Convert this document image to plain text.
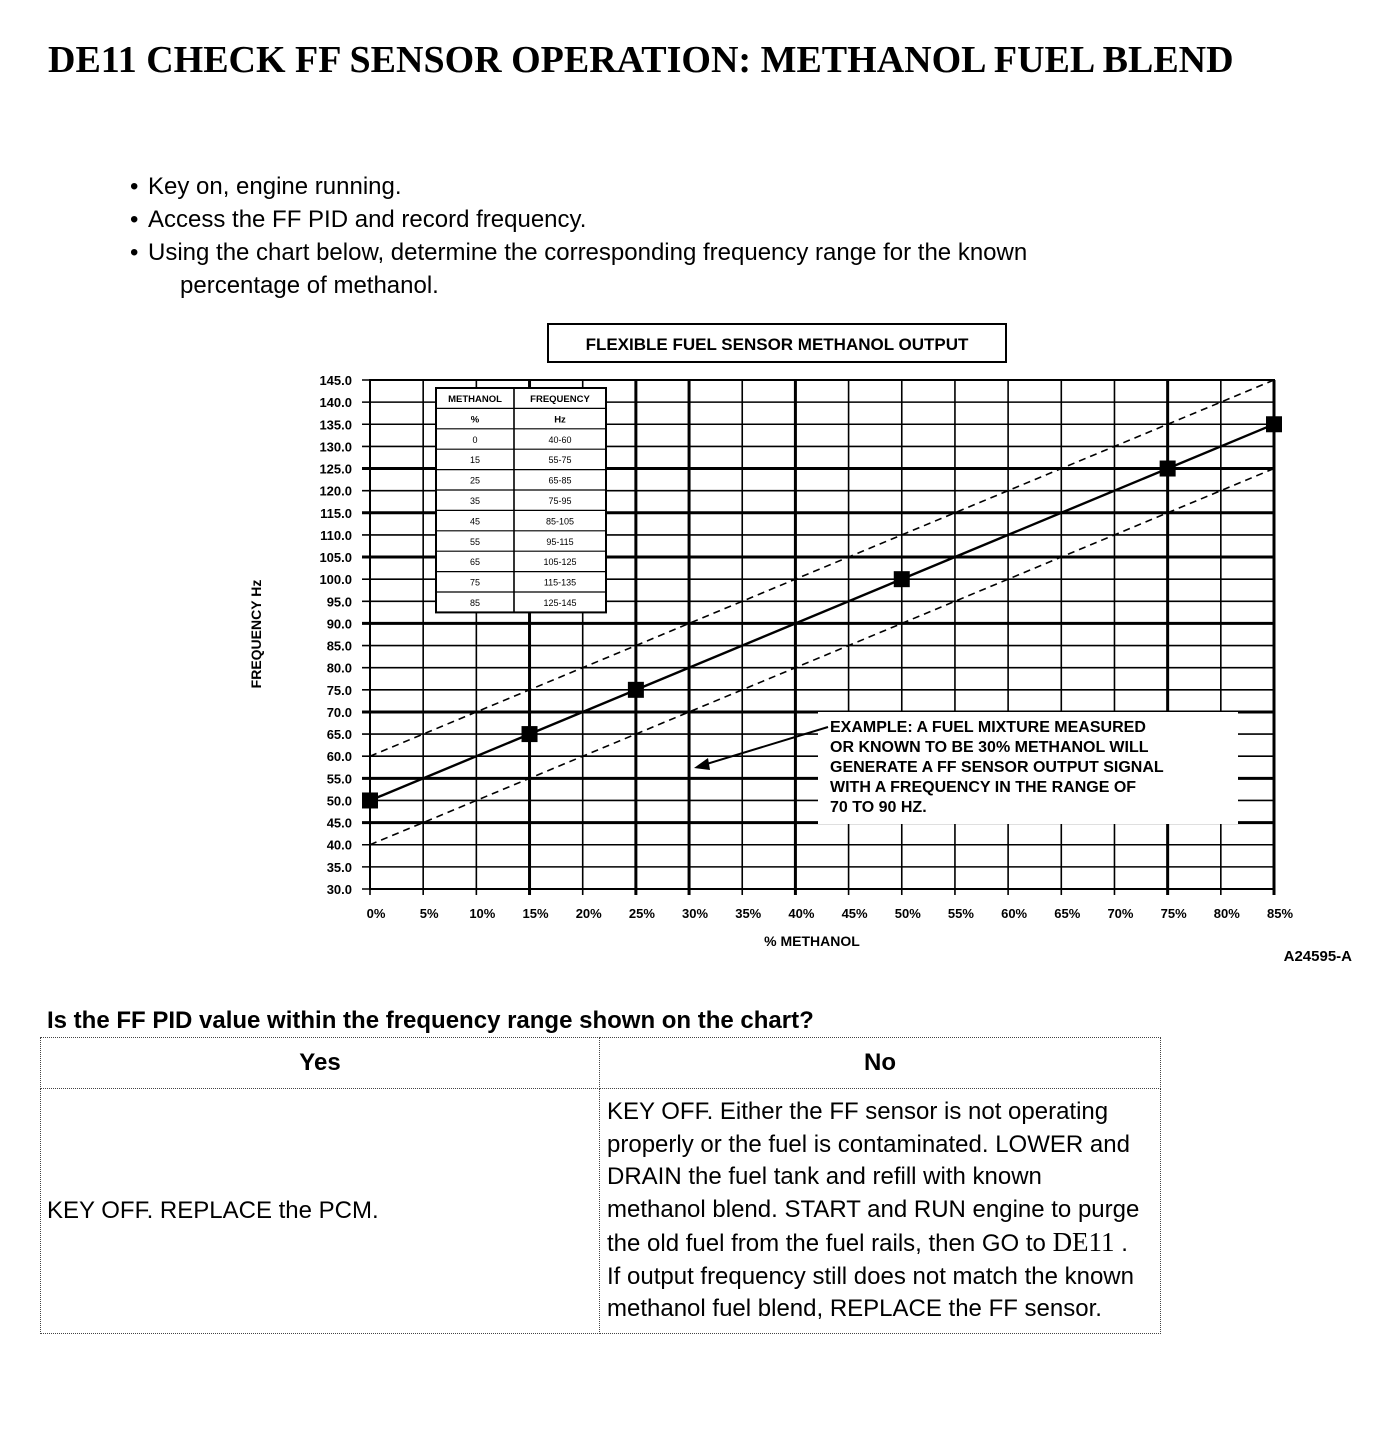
DE11 CHECK FF SENSOR OPERATION: METHANOL FUEL BLEND
• Key on, engine running.
• Access the FF PID and record frequency.
• Using the chart below, determine the corresponding frequency range for the known
percentage of methanol.
145.0
140.0
135.0
130.0
125.0
120.0
115.0
110.0
105.0
100.0
95.0
90.0
85.0
80.0
75.0
70.0
65.0
60.0
55.0
50.0
45.0
40.0
35.0
30.0
0%	5% 10% 15% 20% 25% 30% 35% 40% 45% 50% 55% 60% 65% 70% 75% 80% 85%
METHANOL	FREQUENCY
%	Hz
0	40-60
15	55-75
25	65-85
35	75-95
45	85-105
55	95-115
65	105-125
75	115-135
85	125-145
EXAMPLE: A FUEL MIXTURE MEASURED
OR KNOWN TO BE 30% METHANOL WILL
GENERATE A FF SENSOR OUTPUT SIGNAL
WITH A FREQUENCY IN THE RANGE OF
70 TO 90 HZ.
FLEXIBLE FUEL SENSOR METHANOL OUTPUT
% METHANOL
FREQUENCY Hz
A24595-A

Is the FF PID value within the frequency range shown on the chart?

Yes	No
KEY OFF. REPLACE the PCM.	KEY OFF. Either the FF sensor is not operating properly or the fuel is contaminated. LOWER and DRAIN the fuel tank and refill with known methanol blend. START and RUN engine to purge the old fuel from the fuel rails, then GO to DE11 . If output frequency still does not match the known methanol fuel blend, REPLACE the FF sensor.
